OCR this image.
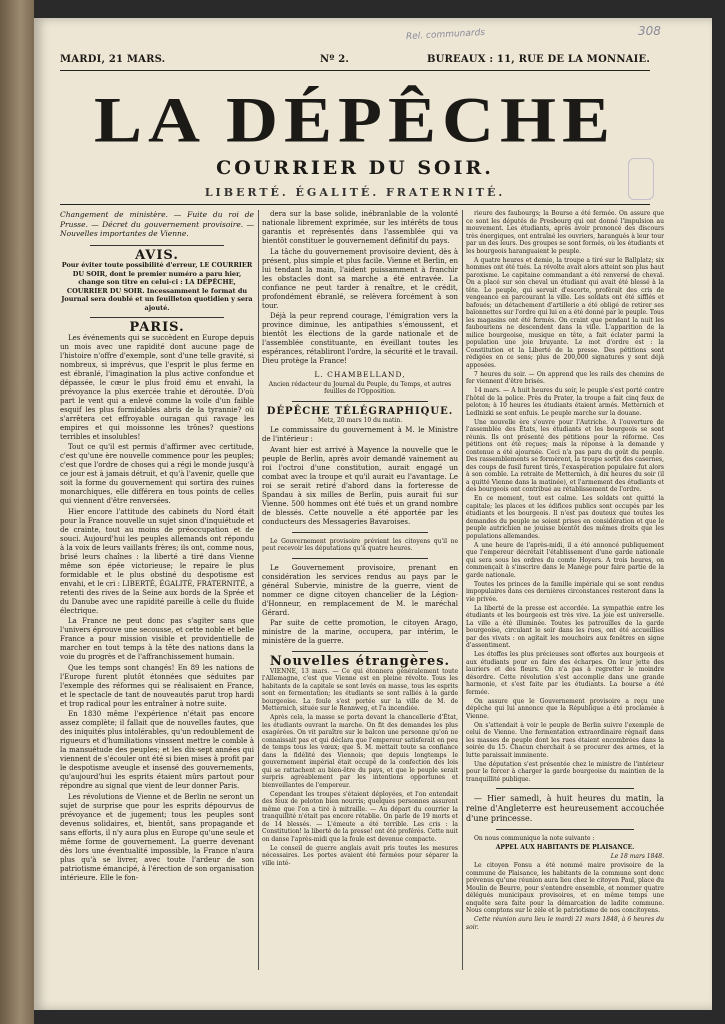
Rel. communards	308
MARDI, 21 MARS.	Nº 2.	BUREAUX : 11, RUE DE LA MONNAIE.
LA DÉPÊCHE
COURRIER DU SOIR.
LIBERTÉ. ÉGALITÉ. FRATERNITÉ.

Changement de ministère. — Fuite du roi de Prusse. — Décret du gouvernement provisoire. — Nouvelles importantes de Vienne.

AVIS.

Pour éviter toute possibilité d'erreur, LE COURRIER DU SOIR, dont le premier numéro a paru hier, change son titre en celui-ci : LA DÉPÊCHE, COURRIER DU SOIR. Incessamment le format du Journal sera doublé et un feuilleton quotidien y sera ajouté.

PARIS.

Les événements qui se succèdent en Europe depuis un mois avec une rapidité dont aucune page de l'histoire n'offre d'exemple, sont d'une telle gravité, si nombreux, si imprévus, que l'esprit le plus ferme en est ébranlé, l'imagination la plus active confondue et dépassée, le cœur le plus froid ému et envahi, la prévoyance la plus exercée trahie et déroutée. D'où part le vent qui a enlevé comme la voile d'un faible esquif les plus formidables abris de la tyrannie? où s'arrêtera cet effroyable ouragan qui ravage les empires et qui moissonne les trônes? questions terribles et insolubles!

Tout ce qu'il est permis d'affirmer avec certitude, c'est qu'une ère nouvelle commence pour les peuples; c'est que l'ordre de choses qui a régi le monde jusqu'à ce jour est à jamais détruit, et qu'à l'avenir, quelle que soit la forme du gouvernement qui sortira des ruines monarchiques, elle différera en tous points de celles qui viennent d'être renversées.

Hier encore l'attitude des cabinets du Nord était pour la France nouvelle un sujet sinon d'inquiétude et de crainte, tout au moins de préoccupation et de souci. Aujourd'hui les peuples allemands ont répondu à la voix de leurs vaillants frères; ils ont, comme nous, brisé leurs chaînes : la liberté a tiré dans Vienne même son épée victorieuse; le repaire le plus formidable et le plus obstiné du despotisme est envahi, et le cri : LIBERTÉ, ÉGALITÉ, FRATERNITÉ, a retenti des rives de la Seine aux bords de la Sprée et du Danube avec une rapidité pareille à celle du fluide électrique.

La France ne peut donc pas s'agiter sans que l'univers éprouve une secousse, et cette noble et belle France a pour mission visible et providentielle de marcher en tout temps à la tête des nations dans la voie du progrès et de l'affranchissement humain.

Que les temps sont changés! En 89 les nations de l'Europe furent plutôt étonnées que séduites par l'exemple des réformes qui se réalisaient en France, et le spectacle de tant de nouveautés parut trop hardi et trop radical pour les entraîner à notre suite.

En 1830 même l'expérience n'était pas encore assez complète; il fallait que de nouvelles fautes, que des iniquités plus intolérables, qu'un redoublement de rigueurs et d'humiliations vinssent mettre le comble à la mansuétude des peuples; et les dix-sept années qui viennent de s'écouler ont été si bien mises à profit par le despotisme aveugle et insensé des gouvernements, qu'aujourd'hui les esprits étaient mûrs partout pour répondre au signal que vient de leur donner Paris.

Les révolutions de Vienne et de Berlin ne seront un sujet de surprise que pour les esprits dépourvus de prévoyance et de jugement; tous les peuples sont devenus solidaires, et, bientôt, sans propagande et sans efforts, il n'y aura plus en Europe qu'une seule et même forme de gouvernement. La guerre devenant dès lors une éventualité impossible, la France n'aura plus qu'à se livrer, avec toute l'ardeur de son patriotisme émancipé, à l'érection de son organisation intérieure. Elle le fon-

dera sur la base solide, inébranlable de la volonté nationale librement exprimée, sur les intérêts de tous garantis et représentés dans l'assemblée qui va bientôt constituer le gouvernement définitif du pays.

La tâche du gouvernement provisoire devient, dès à présent, plus simple et plus facile. Vienne et Berlin, en lui tendant la main, l'aident puissamment à franchir les obstacles dont sa marche a été entravée. La confiance ne peut tarder à renaître, et le crédit, profondément ébranlé, se relèvera forcément à son tour.

Déjà la peur reprend courage, l'émigration vers la province diminue, les antipathies s'émoussent, et bientôt les élections de la garde nationale et de l'assemblée constituante, en éveillant toutes les espérances, rétabliront l'ordre, la sécurité et le travail. Dieu protège la France!

L. CHAMBELLAND,

Ancien rédacteur du Journal du Peuple, du Temps, et autres feuilles de l'Opposition.

DÉPÊCHE TÉLÉGRAPHIQUE.

Metz, 20 mars 10 du matin.

Le commissaire du gouvernement à M. le Ministre de l'intérieur :

Avant hier est arrivé à Mayence la nouvelle que le peuple de Berlin, après avoir demandé vainement au roi l'octroi d'une constitution, aurait engagé un combat avec la troupe et qu'il aurait eu l'avantage. Le roi se serait retiré d'abord dans la forteresse de Spandau à six milles de Berlin, puis aurait fui sur Vienne. 500 hommes ont été tués et un grand nombre de blessés. Cette nouvelle a été apportée par les conducteurs des Messageries Bavaroises.

Le Gouvernement provisoire prévient les citoyens qu'il ne peut recevoir les députations qu'à quatre heures.

Le Gouvernement provisoire, prenant en considération les services rendus au pays par le général Subervie, ministre de la guerre, vient de nommer ce digne citoyen chancelier de la Légion-d'Honneur, en remplacement de M. le maréchal Gérard.

Par suite de cette promotion, le citoyen Arago, ministre de la marine, occupera, par intérim, le ministère de la guerre.

Nouvelles étrangères.

VIENNE, 13 mars. — Ce qui étonnera généralement toute l'Allemagne, c'est que Vienne est en pleine révolte. Tous les habitants de la capitale se sont levés en masse, tous les esprits sont en fermentation; les étudiants se sont ralliés à la garde bourgeoise. La foule s'est portée sur la ville de M. de Metternich, située sur le Rennweg, et l'a incendiée.

Après cela, la masse se porta devant la chancellerie d'État, les étudiants ouvrant la marche. On fit des demandes les plus exagérées. On vit paraître sur le balcon une personne qu'on ne connaissait pas et qui déclara que l'empereur satisferait en peu de temps tous les vœux; que S. M. mettait toute sa confiance dans la fidélité des Viennois; que depuis longtemps le gouvernement impérial était occupé de la confection des lois qui se rattachent au bien-être du pays, et que le peuple serait surpris agréablement par les intentions opportunes et bienveillantes de l'empereur.

Cependant les troupes s'étaient déployées, et l'on entendait des feux de peloton bien nourris; quelques personnes assurent même que l'on a tiré à mitraille. — Au départ du courrier la tranquillité n'était pas encore rétablie. On parle de 19 morts et de 14 blessés. — L'émeute a été terrible. Les cris : la Constitution! la liberté de la presse! ont été proférés. Cette nuit on danse l'après-midi que la foule est devenue compacte.

Le conseil de guerre anglais avait pris toutes les mesures nécessaires. Les portes avaient été fermées pour séparer la ville inté-

rieure des faubourgs; la Bourse a été fermée. On assure que ce sont les députés de Presbourg qui ont donné l'impulsion au mouvement. Les étudiants, après avoir prononcé des discours très énergiques, ont entraîné les ouvriers, harangués à leur tour par un des leurs. Des groupes se sont formés, où les étudiants et les bourgeois haranguaient le peuple.

A quatre heures et demie, la troupe a tiré sur le Ballplatz; six hommes ont été tués. La révolte avait alors atteint son plus haut paroxisme. Le capitaine commandant a été renversé de cheval. On a placé sur son cheval un étudiant qui avait été blessé à la tête. Le peuple, qui servait d'escorte, proférait des cris de vengeance en parcourant la ville. Les soldats ont été sifflés et bafoués; un détachement d'artillerie a été obligé de retirer ses baïonnettes sur l'ordre qui lui en a été donné par le peuple. Tous les magasins ont été fermés. On craint que pendant la nuit les faubouriens ne descendent dans la ville. L'apparition de la milice bourgeoise, musique en tête, a fait éclater parmi la population une joie bruyante. Le mot d'ordre est : la Constitution et la Liberté de la presse. Des pétitions sont rédigées en ce sens; plus de 200,000 signatures y sont déjà apposées.

7 heures du soir. — On apprend que les rails des chemins de fer viennent d'être brisés.

14 mars. — A huit heures du soir, le peuple s'est porté contre l'hôtel de la police. Près du Prater, la troupe a fait cinq feux de peloton; à 10 heures les étudiants étaient armés. Metternich et Ledlnizki se sont enfuis. Le peuple marche sur la douane.

Une nouvelle ère s'ouvre pour l'Autriche. A l'ouverture de l'assemblée des États, les étudiants et les bourgeois se sont réunis. Ils ont présenté des pétitions pour la réforme. Ces pétitions ont été reçues; mais la réponse à la demande y contenue a été ajournée. Ceci n'a pas paru du goût du peuple. Des rassemblements se formèrent, la troupe sortit des casernes, des coups de fusil furent tirés, l'exaspération populaire fut alors à son comble. La retraite de Metternich, à dix heures du soir (il a quitté Vienne dans la matinée), et l'armement des étudiants et des bourgeois ont contribué au rétablissement de l'ordre.

En ce moment, tout est calme. Les soldats ont quitté la capitale; les places et les édifices publics sont occupés par les étudiants et les bourgeois. Il n'est pas douteux que toutes les demandes du peuple ne soient prises en considération et que le peuple autrichien ne jouisse bientôt des mêmes droits que les populations allemandes.

A une heure de l'après-midi, il a été annoncé publiquement que l'empereur décrétait l'établissement d'une garde nationale qui sera sous les ordres du comte Hoyers. A trois heures, on commençait à s'inscrire dans le Manège pour faire partie de la garde nationale.

Toutes les princes de la famille impériale qui se sont rendus impopulaires dans ces dernières circonstances resteront dans la vie privée.

La liberté de la presse est accordée. La sympathie entre les étudiants et les bourgeois est très vive. La joie est universelle. La ville a été illuminée. Toutes les patrouilles de la garde bourgeoise, circulant le soir dans les rues, ont été accueillies par des vivats : on agitait les mouchoirs aux fenêtres en signe d'assentiment.

Les étoffes les plus précieuses sont offertes aux bourgeois et aux étudiants pour en faire des écharpes. On leur jette des lauriers et des fleurs. On n'a pas à regretter le moindre désordre. Cette révolution s'est accomplie dans une grande harmonie, et s'est faite par les étudiants. La bourse a été fermée.

On assure que le Gouvernement provisoire a reçu une dépêche qui lui annonce que la République a été proclamée à Vienne.

On s'attendait à voir le peuple de Berlin suivre l'exemple de celui de Vienne. Une fermentation extraordinaire régnait dans les masses de peuple dont les rues étaient encombrées dans la soirée du 15. Chacun cherchait à se procurer des armes, et la lutte paraissait imminente.

Une députation s'est présentée chez le ministre de l'intérieur pour le forcer à charger la garde bourgeoise du maintien de la tranquillité publique.

— Hier samedi, à huit heures du matin, la reine d'Angleterre est heureusement accouchée d'une princesse.

On nous communique la note suivante :

APPEL AUX HABITANTS DE PLAISANCE.

Le 18 mars 1848.

Le citoyen Fonsu a été nommé maire provisoire de la commune de Plaisance, les habitants de la commune sont donc prévenus qu'une réunion aura lieu chez le citoyen Paul, place du Moulin de Beurre, pour s'entendre ensemble, et nommer quatre délégués municipaux provisoires, et en même temps une enquête sera faite pour la démarcation de ladite commune. Nous comptons sur le zèle et le patriotisme de nos concitoyens.

Cette réunion aura lieu le mardi 21 mars 1848, à 6 heures du soir.
